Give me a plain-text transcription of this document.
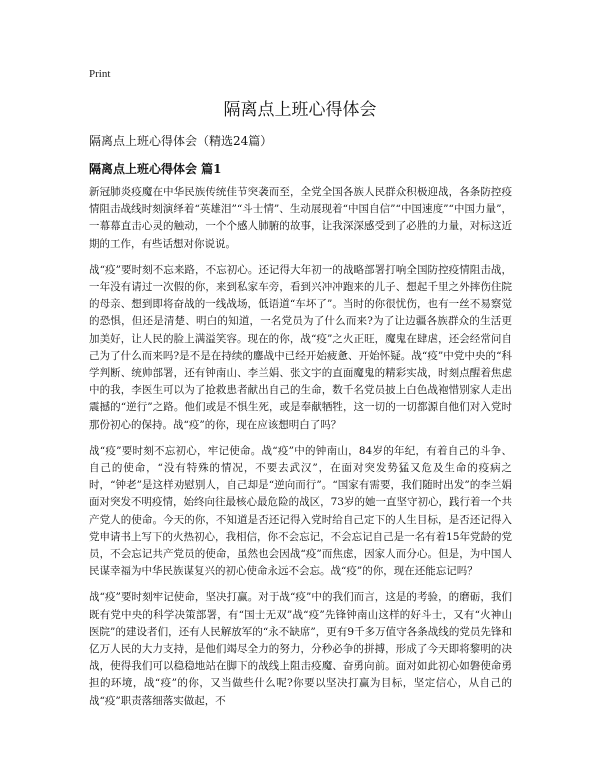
Print
隔离点上班心得体会
隔离点上班心得体会（精选24篇）
隔离点上班心得体会 篇1

新冠肺炎疫魔在中华民族传统佳节突袭而至，全党全国各族人民群众积极迎战，各条防控疫情阻击战线时刻演绎着“英雄泪”“斗士情”、生动展现着“中国自信”“中国速度”“中国力量”，一幕幕直击心灵的触动，一个个感人肺腑的故事，让我深深感受到了必胜的力量，对标这近期的工作，有些话想对你说说。

战“疫”要时刻不忘来路，不忘初心。还记得大年初一的战略部署打响全国防控疫情阻击战，一年没有请过一次假的你，来到私家车旁，看到兴冲冲跑来的儿子、想起千里之外摔伤住院的母亲、想到即将奋战的一线战场，低语道“车坏了”。当时的你很忧伤，也有一丝不易察觉的恐惧，但还是清楚、明白的知道，一名党员为了什么而来?为了让边疆各族群众的生活更加美好，让人民的脸上满溢笑容。现在的你，战“疫”之火正旺，魔鬼在肆虐，还会经常问自己为了什么而来吗?是不是在持续的鏖战中已经开始疲惫、开始怀疑。战“疫”中党中央的“科学判断、统帅部署，还有钟南山、李兰娟、张文宇的直面魔鬼的精彩实战，时刻点醒着焦虑中的我，李医生可以为了抢救患者献出自己的生命，数千名党员披上白色战袍惜别家人走出震撼的“逆行”之路。他们或是不惧生死，或是奉献牺牲，这一切的一切都源自他们对入党时那份初心的保持。战“疫”的你，现在应该想明白了吗？

战“疫”要时刻不忘初心，牢记使命。战“疫”中的钟南山，84岁的年纪，有着自己的斗争、自己的使命，“没有特殊的情况，不要去武汉”，在面对突发势猛又危及生命的疫病之时，“钟老”是这样劝慰别人，自己却是“逆向而行”。“国家有需要，我们随时出发”的李兰娟面对突发不明疫情，始终向往最核心最危险的战区，73岁的她一直坚守初心，践行着一个共产党人的使命。今天的你，不知道是否还记得入党时给自己定下的人生目标，是否还记得入党申请书上写下的火热初心，我相信，你不会忘记，不会忘记自己是一名有着15年党龄的党员，不会忘记共产党员的使命，虽然也会因战“疫”而焦虑，因家人而分心。但是，为中国人民谋幸福为中华民族谋复兴的初心使命永远不会忘。战“疫”的你，现在还能忘记吗？

战“疫”要时刻牢记使命，坚决打赢。对于战“疫”中的我们而言，这是的考验，的磨砺，我们既有党中央的科学决策部署，有“国士无双”战“疫”先锋钟南山这样的好斗士，又有“火神山医院”的建设者们，还有人民解放军的“永不缺席”，更有9千多万值守各条战线的党员先锋和亿万人民的大力支持，是他们竭尽全力的努力，分秒必争的拼搏，形成了今天即将黎明的决战，使得我们可以稳稳地站在脚下的战线上阻击疫魔、奋勇向前。面对如此初心如磐使命勇担的环境，战“疫”的你，又当做些什么呢?你要以坚决打赢为目标，坚定信心，从自己的战“疫”职责落细落实做起，不
